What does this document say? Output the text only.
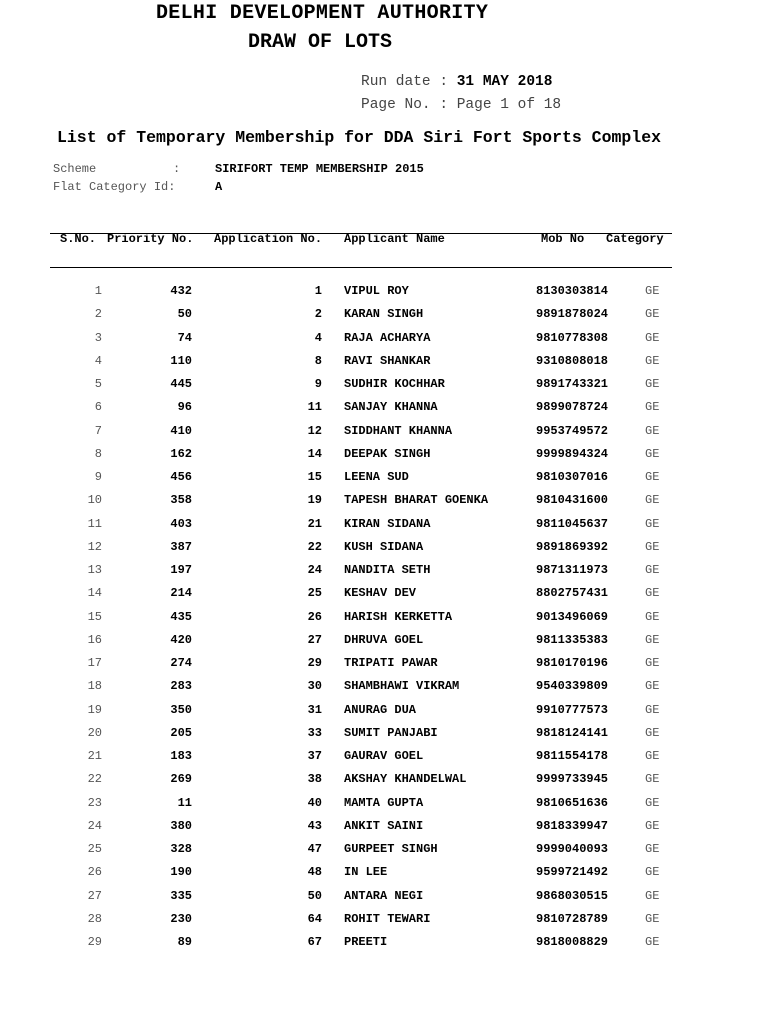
DELHI DEVELOPMENT AUTHORITY
DRAW OF LOTS
Run date : 31 MAY 2018
Page No. : Page 1 of 18
List of Temporary Membership for DDA Siri Fort Sports Complex
Scheme	:	SIRIFORT TEMP MEMBERSHIP 2015
Flat Category Id:	A
S.No. Priority No. Application No. Applicant Name	Mob No Category
1	432	1 VIPUL ROY	8130303814	GE
2	50	2 KARAN SINGH	9891878024	GE
3	74	4 RAJA ACHARYA	9810778308	GE
4	110	8 RAVI SHANKAR	9310808018	GE
5	445	9 SUDHIR KOCHHAR	9891743321	GE
6	96	11 SANJAY KHANNA	9899078724	GE
7	410	12 SIDDHANT KHANNA	9953749572	GE
8	162	14 DEEPAK SINGH	9999894324	GE
9	456	15 LEENA SUD	9810307016	GE
10	358	19 TAPESH BHARAT GOENKA	9810431600	GE
11	403	21 KIRAN SIDANA	9811045637	GE
12	387	22 KUSH SIDANA	9891869392	GE
13	197	24 NANDITA SETH	9871311973	GE
14	214	25 KESHAV DEV	8802757431	GE
15	435	26 HARISH KERKETTA	9013496069	GE
16	420	27 DHRUVA GOEL	9811335383	GE
17	274	29 TRIPATI PAWAR	9810170196	GE
18	283	30 SHAMBHAWI VIKRAM	9540339809	GE
19	350	31 ANURAG DUA	9910777573	GE
20	205	33 SUMIT PANJABI	9818124141	GE
21	183	37 GAURAV GOEL	9811554178	GE
22	269	38 AKSHAY KHANDELWAL	9999733945	GE
23	11	40 MAMTA GUPTA	9810651636	GE
24	380	43 ANKIT SAINI	9818339947	GE
25	328	47 GURPEET SINGH	9999040093	GE
26	190	48 IN LEE	9599721492	GE
27	335	50 ANTARA NEGI	9868030515	GE
28	230	64 ROHIT TEWARI	9810728789	GE
29	89	67 PREETI	9818008829	GE
